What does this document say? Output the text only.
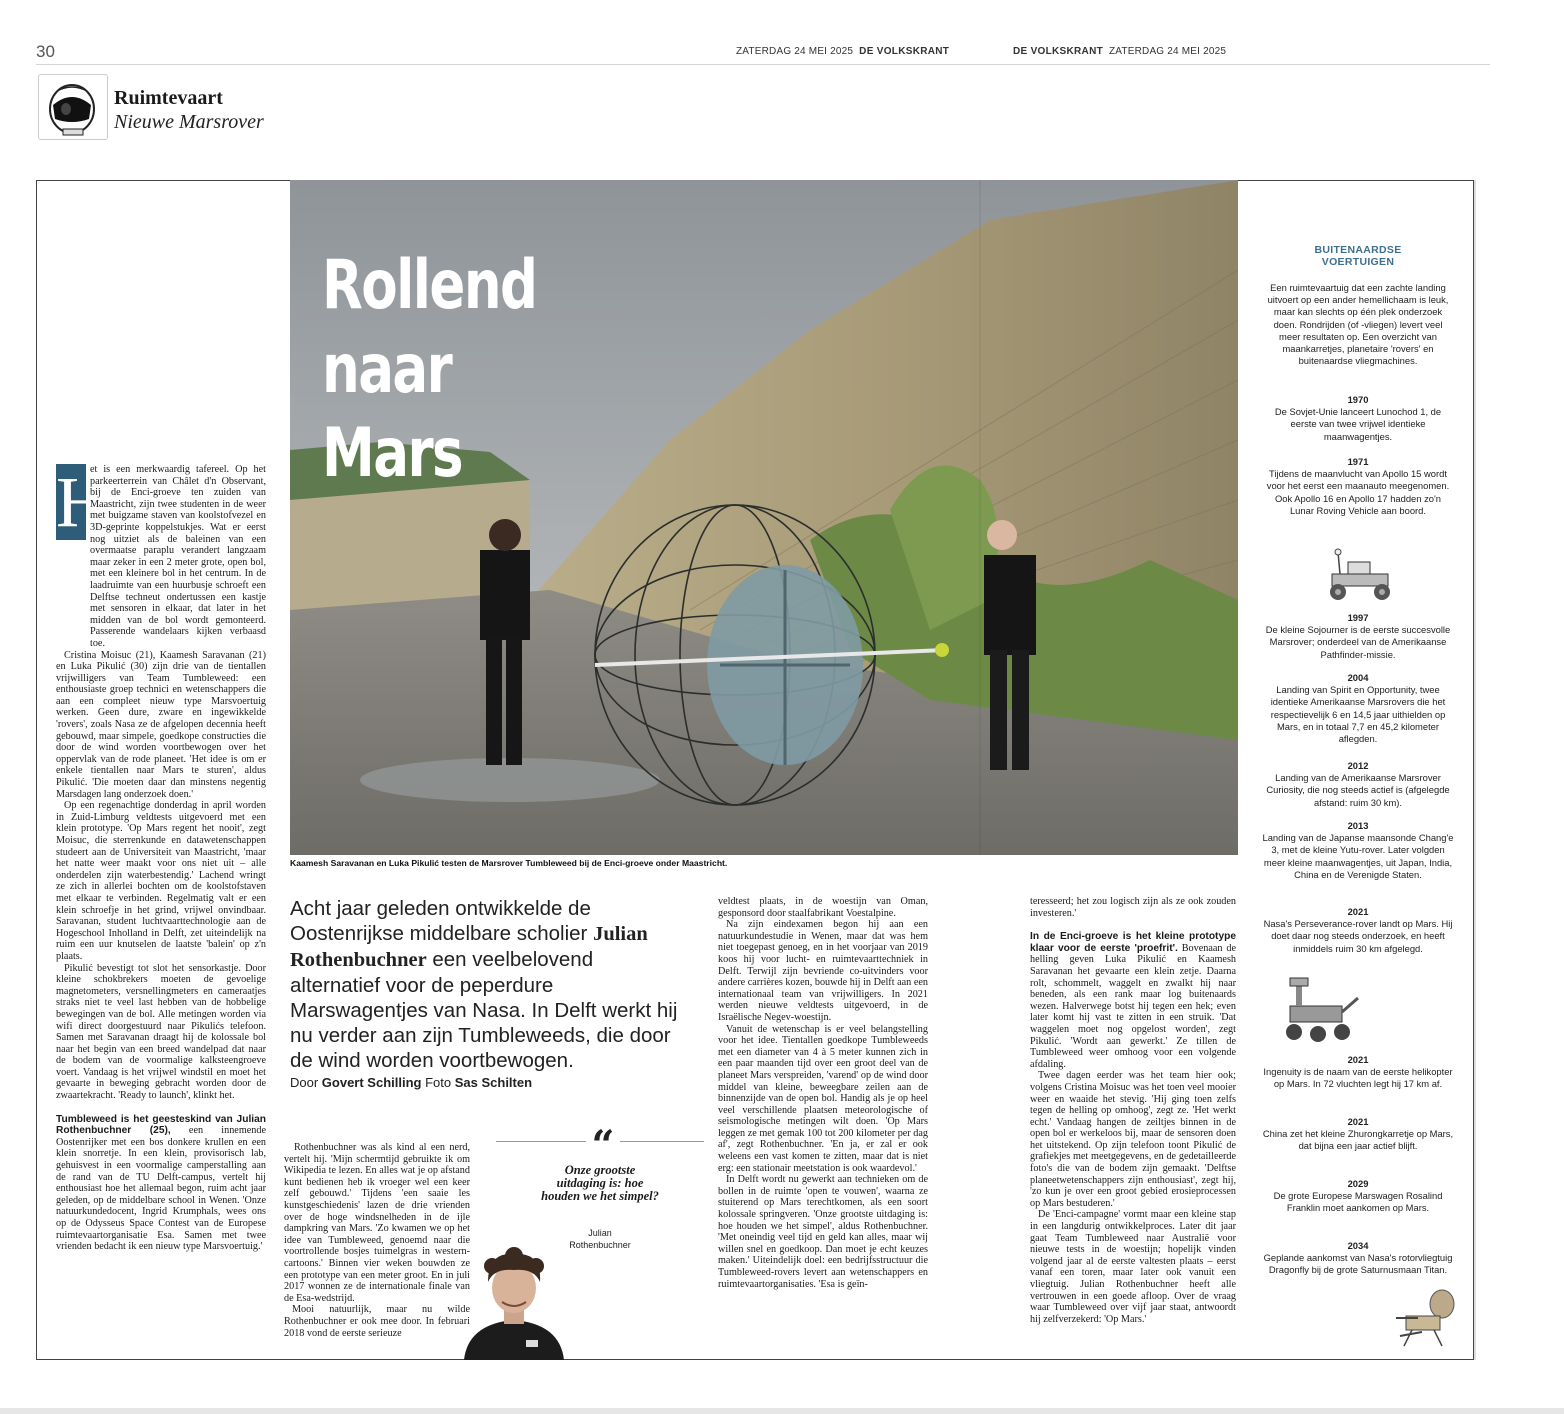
30	ZATERDAG 24 MEI 2025 DE VOLKSKRANT	DE VOLKSKRANT ZATERDAG 24 MEI 2025
Ruimtevaart
Nieuwe Marsrover
Rollend naar
Mars
Kaamesh Saravanan en Luka Pikulić testen de Marsrover Tumbleweed bij de Enci-groeve onder Maastricht.
H

et is een merkwaardig tafereel. Op het parkeerterrein van Châlet d'n Observant, bij de Enci-groeve ten zuiden van Maastricht, zijn twee studenten in de weer met buigzame staven van koolstofvezel en 3D-geprinte koppelstukjes. Wat er eerst nog uitziet als de baleinen van een overmaatse paraplu verandert langzaam maar zeker in een 2 meter grote, open bol, met een kleinere bol in het centrum. In de laadruimte van een huurbusje schroeft een Delftse techneut ondertussen een kastje met sensoren in elkaar, dat later in het midden van de bol wordt gemonteerd. Passerende wandelaars kijken verbaasd toe.

Cristina Moisuc (21), Kaamesh Saravanan (21) en Luka Pikulić (30) zijn drie van de tientallen vrijwilligers van Team Tumbleweed: een enthousiaste groep technici en wetenschappers die aan een compleet nieuw type Marsvoertuig werken. Geen dure, zware en ingewikkelde 'rovers', zoals Nasa ze de afgelopen decennia heeft gebouwd, maar simpele, goedkope constructies die door de wind worden voortbewogen over het oppervlak van de rode planeet. 'Het idee is om er enkele tientallen naar Mars te sturen', aldus Pikulić. 'Die moeten daar dan minstens negentig Marsdagen lang onderzoek doen.'

Op een regenachtige donderdag in april worden in Zuid-Limburg veldtests uitgevoerd met een klein prototype. 'Op Mars regent het nooit', zegt Moisuc, die sterrenkunde en datawetenschappen studeert aan de Universiteit van Maastricht, 'maar het natte weer maakt voor ons niet uit – alle onderdelen zijn waterbestendig.' Lachend wringt ze zich in allerlei bochten om de koolstofstaven met elkaar te verbinden. Regelmatig valt er een klein schroefje in het grind, vrijwel onvindbaar. Saravanan, student luchtvaarttechnologie aan de Hogeschool Inholland in Delft, zet uiteindelijk na ruim een uur knutselen de laatste 'balein' op z'n plaats.

Pikulić bevestigt tot slot het sensorkastje. Door kleine schokbrekers moeten de gevoelige magnetometers, versnellingmeters en cameraatjes straks niet te veel last hebben van de hobbelige bewegingen van de bol. Alle metingen worden via wifi direct doorgestuurd naar Pikulićs telefoon. Samen met Saravanan draagt hij de kolossale bol naar het begin van een breed wandelpad dat naar de bodem van de voormalige kalksteengroeve voert. Vandaag is het vrijwel windstil en moet het gevaarte in beweging gebracht worden door de zwaartekracht. 'Ready to launch', klinkt het.

Tumbleweed is het geesteskind van Julian Rothenbuchner (25), een innemende Oostenrijker met een bos donkere krullen en een klein snorretje. In een klein, provisorisch lab, gehuisvest in een voormalige camperstalling aan de rand van de TU Delft-campus, vertelt hij enthousiast hoe het allemaal begon, ruim acht jaar geleden, op de middelbare school in Wenen. 'Onze natuurkundedocent, Ingrid Krumphals, wees ons op de Odysseus Space Contest van de Europese ruimtevaartorganisatie Esa. Samen met twee vrienden bedacht ik een nieuw type Marsvoertuig.'

Acht jaar geleden ontwikkelde de Oostenrijkse middelbare scholier Julian Rothenbuchner een veelbelovend alternatief voor de peperdure Marswagentjes van Nasa. In Delft werkt hij nu verder aan zijn Tumbleweeds, die door de wind worden voortbewogen.
Door Govert Schilling Foto Sas Schilten

Rothenbuchner was als kind al een nerd, vertelt hij. 'Mijn schermtijd gebruikte ik om Wikipedia te lezen. En alles wat je op afstand kunt bedienen heb ik vroeger wel een keer zelf gebouwd.' Tijdens 'een saaie les kunstgeschiedenis' lazen de drie vrienden over de hoge windsnelheden in de ijle dampkring van Mars. 'Zo kwamen we op het idee van Tumbleweed, genoemd naar die voortrollende bosjes tuimelgras in western-cartoons.' Binnen vier weken bouwden ze een prototype van een meter groot. En in juli 2017 wonnen ze de internationale finale van de Esa-wedstrijd.

Mooi natuurlijk, maar nu wilde Rothenbuchner er ook mee door. In februari 2018 vond de eerste serieuze

“
Onze grootste uitdaging is: hoe houden we het simpel?
Julian
Rothenbuchner

veldtest plaats, in de woestijn van Oman, gesponsord door staalfabrikant Voestalpine.

Na zijn eindexamen begon hij aan een natuurkundestudie in Wenen, maar dat was hem niet toegepast genoeg, en in het voorjaar van 2019 koos hij voor lucht- en ruimtevaarttechniek in Delft. Terwijl zijn bevriende co-uitvinders voor andere carrières kozen, bouwde hij in Delft aan een internationaal team van vrijwilligers. In 2021 werden nieuwe veldtests uitgevoerd, in de Israëlische Negev-woestijn.

Vanuit de wetenschap is er veel belangstelling voor het idee. Tientallen goedkope Tumbleweeds met een diameter van 4 à 5 meter kunnen zich in een paar maanden tijd over een groot deel van de planeet Mars verspreiden, 'varend' op de wind door middel van kleine, beweegbare zeilen aan de binnenzijde van de open bol. Handig als je op heel veel verschillende plaatsen meteorologische of seismologische metingen wilt doen. 'Op Mars leggen ze met gemak 100 tot 200 kilometer per dag af', zegt Rothenbuchner. 'En ja, er zal er ook weleens een vast komen te zitten, maar dat is niet erg: een stationair meetstation is ook waardevol.'

In Delft wordt nu gewerkt aan technieken om de bollen in de ruimte 'open te vouwen', waarna ze stuiterend op Mars terechtkomen, als een soort kolossale springveren. 'Onze grootste uitdaging is: hoe houden we het simpel', aldus Rothenbuchner. 'Met oneindig veel tijd en geld kan alles, maar wij willen snel en goedkoop. Dan moet je echt keuzes maken.' Uiteindelijk doel: een bedrijfsstructuur die Tumbleweed-rovers levert aan wetenschappers en ruimtevaartorganisaties. 'Esa is geïn-

teresseerd; het zou logisch zijn als ze ook zouden investeren.'

In de Enci-groeve is het kleine prototype klaar voor de eerste 'proefrit'. Bovenaan de helling geven Luka Pikulić en Kaamesh Saravanan het gevaarte een klein zetje. Daarna rolt, schommelt, waggelt en zwalkt hij naar beneden, als een rank maar log buitenaards wezen. Halverwege botst hij tegen een hek; even later komt hij vast te zitten in een struik. 'Dat waggelen moet nog opgelost worden', zegt Pikulić. 'Wordt aan gewerkt.' Ze tillen de Tumbleweed weer omhoog voor een volgende afdaling.

Twee dagen eerder was het team hier ook; volgens Cristina Moisuc was het toen veel mooier weer en waaide het stevig. 'Hij ging toen zelfs tegen de helling op omhoog', zegt ze. 'Het werkt echt.' Vandaag hangen de zeiltjes binnen in de open bol er werkeloos bij, maar de sensoren doen het uitstekend. Op zijn telefoon toont Pikulić de grafiekjes met meetgegevens, en de gedetailleerde foto's die van de bodem zijn gemaakt. 'Delftse planeetwetenschappers zijn enthousiast', zegt hij, 'zo kun je over een groot gebied erosieprocessen op Mars bestuderen.'

De 'Enci-campagne' vormt maar een kleine stap in een langdurig ontwikkelproces. Later dit jaar gaat Team Tumbleweed naar Australië voor nieuwe tests in de woestijn; hopelijk vinden volgend jaar al de eerste valtesten plaats – eerst vanaf een toren, maar later ook vanuit een vliegtuig. Julian Rothenbuchner heeft alle vertrouwen in een goede afloop. Over de vraag waar Tumbleweed over vijf jaar staat, antwoordt hij zelfverzekerd: 'Op Mars.'

BUITENAARDSE
VOERTUIGEN
Een ruimtevaartuig dat een zachte landing uitvoert op een ander hemellichaam is leuk, maar kan slechts op één plek onderzoek doen. Rondrijden (of -vliegen) levert veel meer resultaten op. Een overzicht van maankarretjes, planetaire 'rovers' en buitenaardse vliegmachines.
1970
De Sovjet-Unie lanceert Lunochod 1, de eerste van twee vrijwel identieke maanwagentjes.
1971
Tijdens de maanvlucht van Apollo 15 wordt voor het eerst een maanauto meegenomen. Ook Apollo 16 en Apollo 17 hadden zo'n Lunar Roving Vehicle aan boord.
1997
De kleine Sojourner is de eerste succesvolle Marsrover; onderdeel van de Amerikaanse Pathfinder-missie.
2004
Landing van Spirit en Opportunity, twee identieke Amerikaanse Marsrovers die het respectievelijk 6 en 14,5 jaar uithielden op Mars, en in totaal 7,7 en 45,2 kilometer aflegden.
2012
Landing van de Amerikaanse Marsrover Curiosity, die nog steeds actief is (afgelegde afstand: ruim 30 km).
2013
Landing van de Japanse maansonde Chang'e 3, met de kleine Yutu-rover. Later volgden meer kleine maanwagentjes, uit Japan, India, China en de Verenigde Staten.
2021
Nasa's Perseverance-rover landt op Mars. Hij doet daar nog steeds onderzoek, en heeft inmiddels ruim 30 km afgelegd.
2021
Ingenuity is de naam van de eerste helikopter op Mars. In 72 vluchten legt hij 17 km af.
2021
China zet het kleine Zhurongkarretje op Mars, dat bijna een jaar actief blijft.
2029
De grote Europese Marswagen Rosalind Franklin moet aankomen op Mars.
2034
Geplande aankomst van Nasa's rotorvliegtuig Dragonfly bij de grote Saturnusmaan Titan.
